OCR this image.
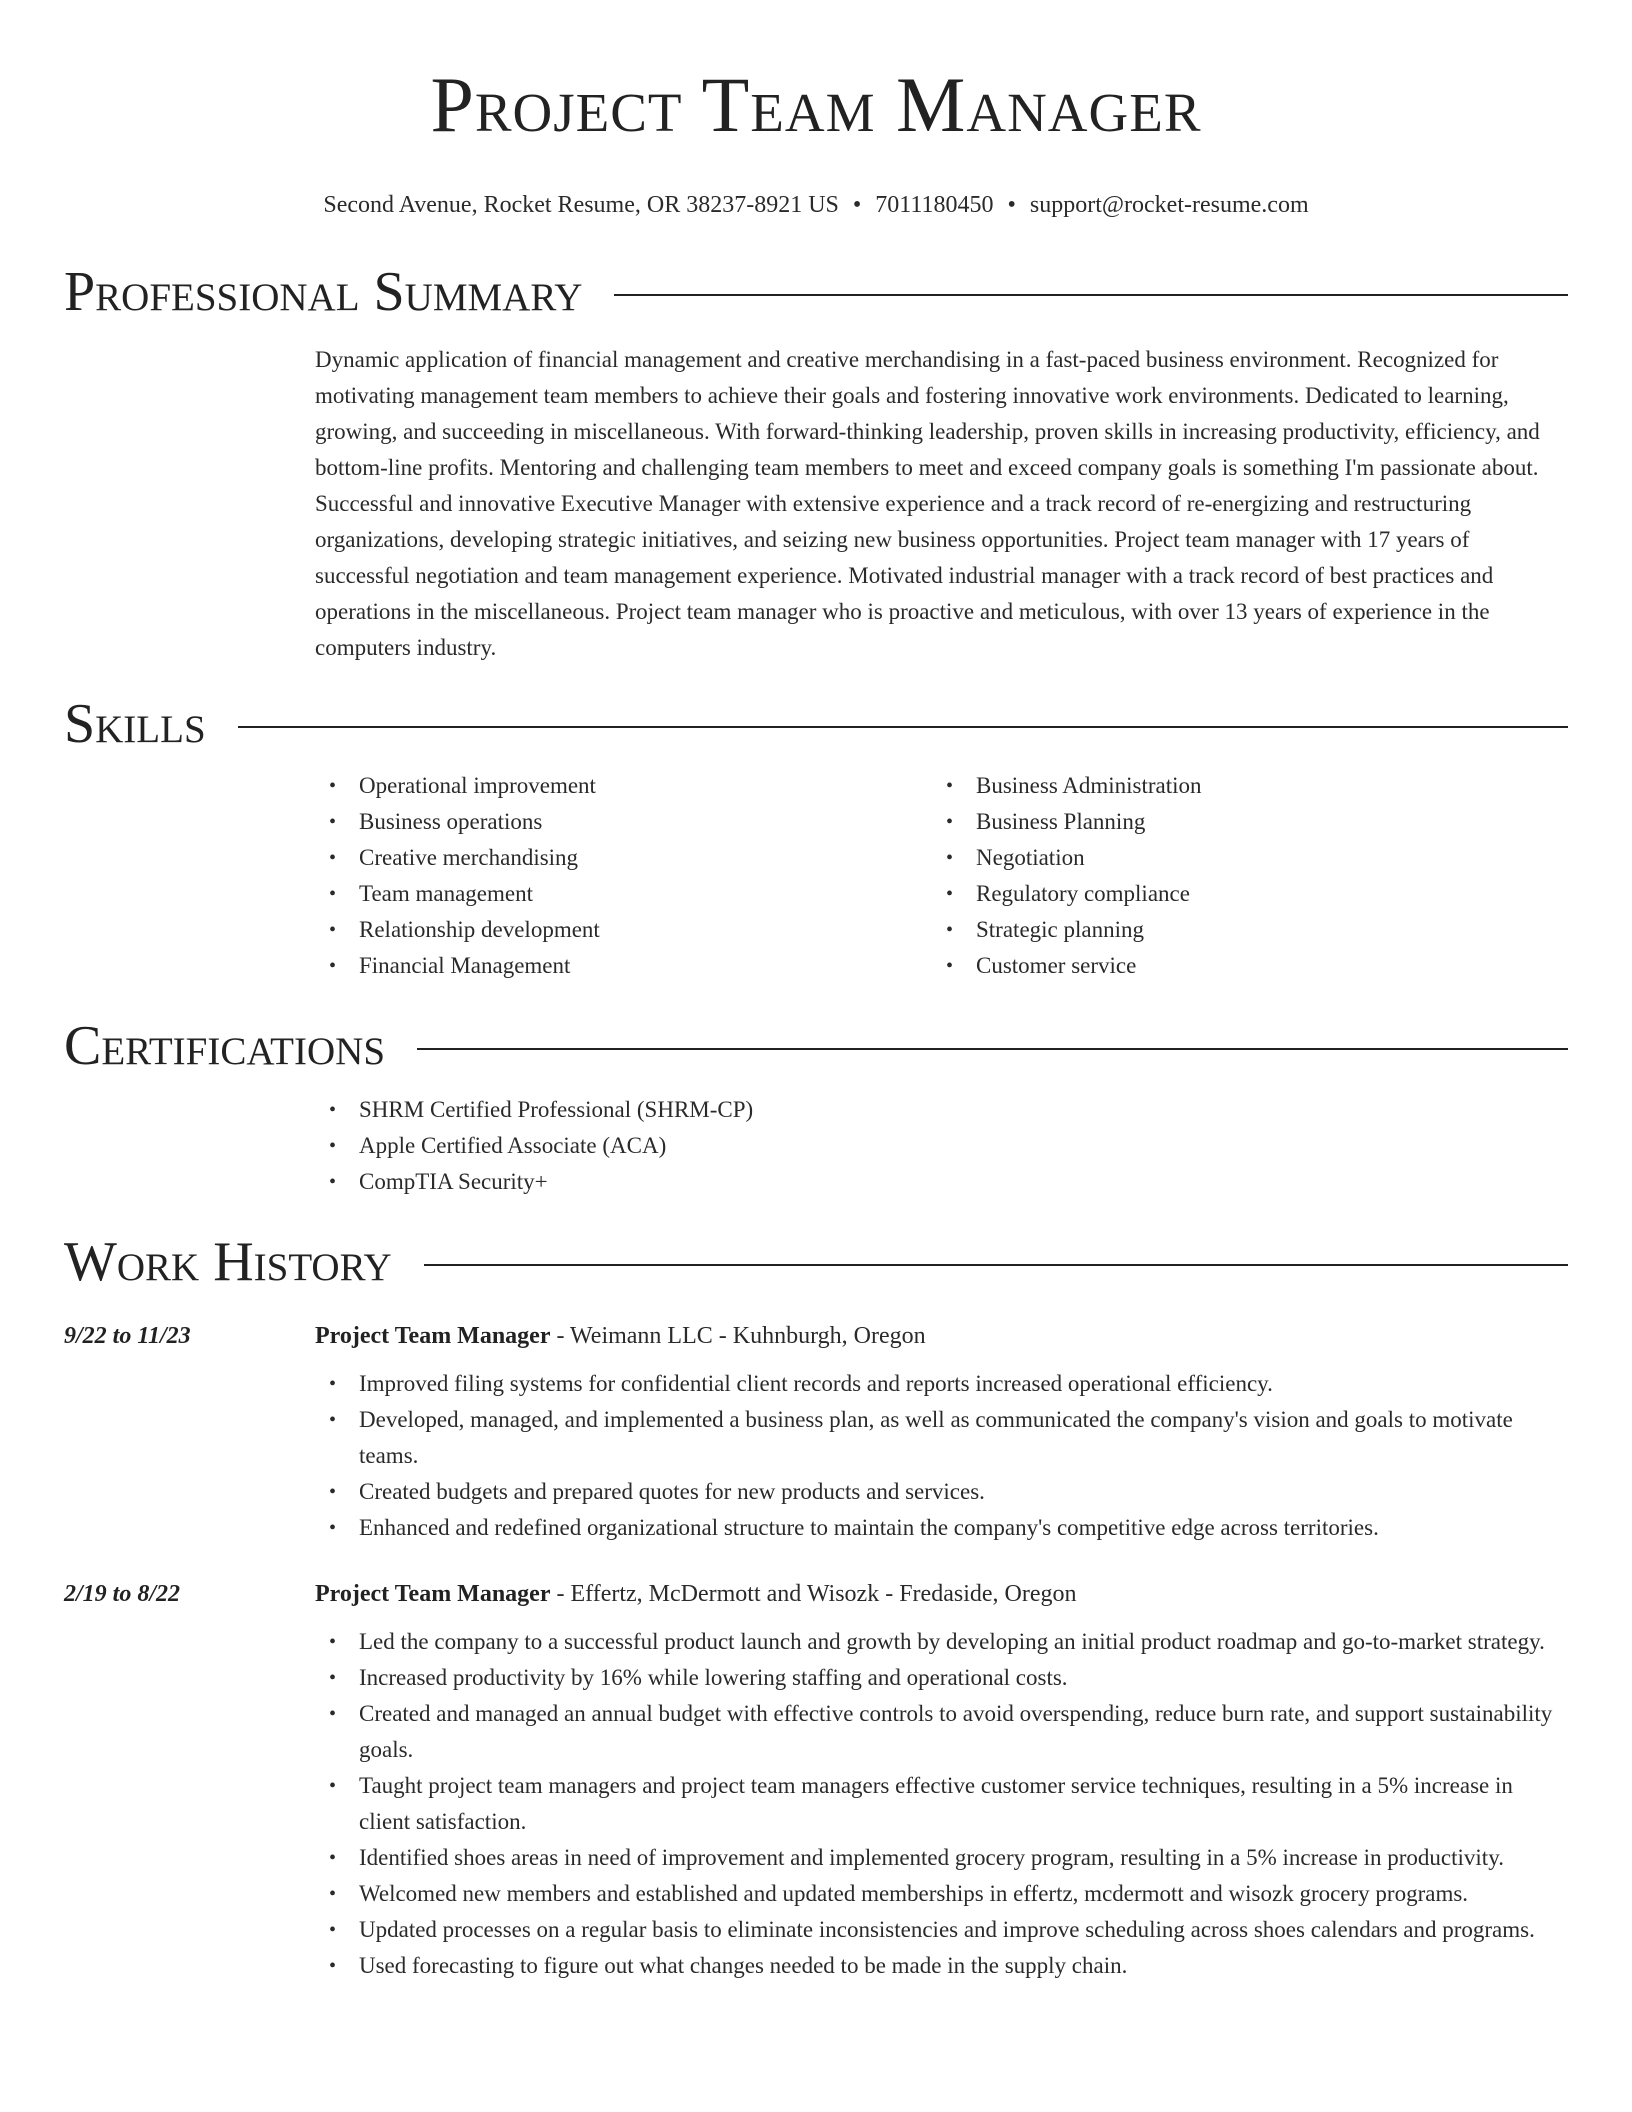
Project Team Manager
Second Avenue, Rocket Resume, OR 38237-8921 US • 7011180450 • support@rocket-resume.com
Professional Summary

Dynamic application of financial management and creative merchandising in a fast-paced business environment. Recognized for motivating management team members to achieve their goals and fostering innovative work environments. Dedicated to learning, growing, and succeeding in miscellaneous. With forward-thinking leadership, proven skills in increasing productivity, efficiency, and bottom-line profits. Mentoring and challenging team members to meet and exceed company goals is something I'm passionate about. Successful and innovative Executive Manager with extensive experience and a track record of re-energizing and restructuring organizations, developing strategic initiatives, and seizing new business opportunities. Project team manager with 17 years of successful negotiation and team management experience. Motivated industrial manager with a track record of best practices and operations in the miscellaneous. Project team manager who is proactive and meticulous, with over 13 years of experience in the computers industry.

Skills
• Operational improvement
• Business operations
• Creative merchandising
• Team management
• Relationship development
• Financial Management
• Business Administration
• Business Planning
• Negotiation
• Regulatory compliance
• Strategic planning
• Customer service
Certifications
• SHRM Certified Professional (SHRM-CP)
• Apple Certified Associate (ACA)
• CompTIA Security+
Work History
9/22 to 11/23	Project Team Manager - Weimann LLC - Kuhnburgh, Oregon
• Improved filing systems for confidential client records and reports increased operational efficiency.
• Developed, managed, and implemented a business plan, as well as communicated the company's vision and goals to motivate teams.
• Created budgets and prepared quotes for new products and services.
• Enhanced and redefined organizational structure to maintain the company's competitive edge across territories.
2/19 to 8/22	Project Team Manager - Effertz, McDermott and Wisozk - Fredaside, Oregon
• Led the company to a successful product launch and growth by developing an initial product roadmap and go-to-market strategy.
• Increased productivity by 16% while lowering staffing and operational costs.
• Created and managed an annual budget with effective controls to avoid overspending, reduce burn rate, and support sustainability goals.
• Taught project team managers and project team managers effective customer service techniques, resulting in a 5% increase in client satisfaction.
• Identified shoes areas in need of improvement and implemented grocery program, resulting in a 5% increase in productivity.
• Welcomed new members and established and updated memberships in effertz, mcdermott and wisozk grocery programs.
• Updated processes on a regular basis to eliminate inconsistencies and improve scheduling across shoes calendars and programs.
• Used forecasting to figure out what changes needed to be made in the supply chain.
